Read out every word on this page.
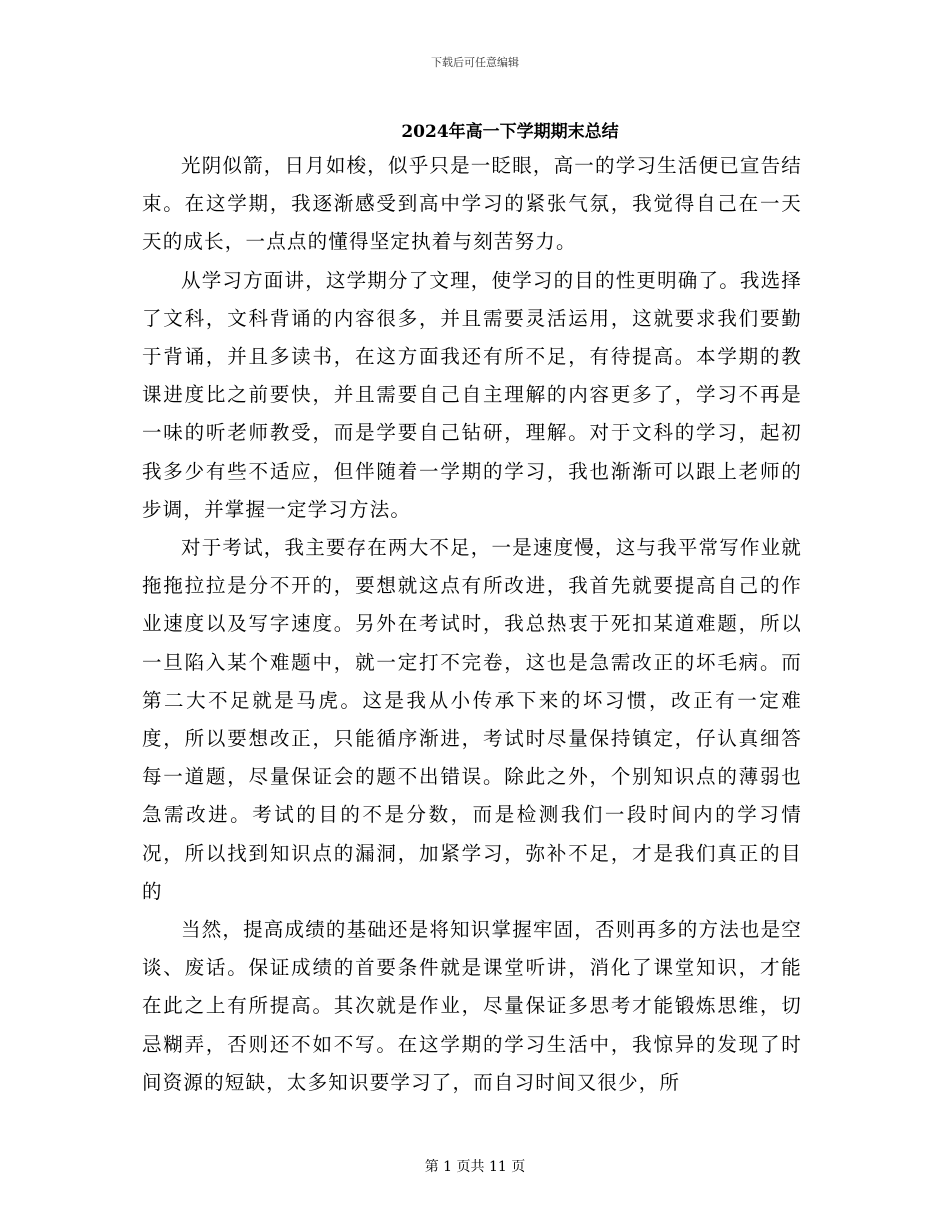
下载后可任意编辑
2024年高一下学期期末总结

光阴似箭，日月如梭，似乎只是一眨眼，高一的学习生活便已宣告结束。在这学期，我逐渐感受到高中学习的紧张气氛，我觉得自己在一天天的成长，一点点的懂得坚定执着与刻苦努力。

从学习方面讲，这学期分了文理，使学习的目的性更明确了。我选择了文科，文科背诵的内容很多，并且需要灵活运用，这就要求我们要勤于背诵，并且多读书，在这方面我还有所不足，有待提高。本学期的教课进度比之前要快，并且需要自己自主理解的内容更多了，学习不再是一味的听老师教受，而是学要自己钻研，理解。对于文科的学习，起初我多少有些不适应，但伴随着一学期的学习，我也渐渐可以跟上老师的步调，并掌握一定学习方法。

对于考试，我主要存在两大不足，一是速度慢，这与我平常写作业就拖拖拉拉是分不开的，要想就这点有所改进，我首先就要提高自己的作业速度以及写字速度。另外在考试时，我总热衷于死扣某道难题，所以一旦陷入某个难题中，就一定打不完卷，这也是急需改正的坏毛病。而第二大不足就是马虎。这是我从小传承下来的坏习惯，改正有一定难度，所以要想改正，只能循序渐进，考试时尽量保持镇定，仔认真细答每一道题，尽量保证会的题不出错误。除此之外，个别知识点的薄弱也急需改进。考试的目的不是分数，而是检测我们一段时间内的学习情况，所以找到知识点的漏洞，加紧学习，弥补不足，才是我们真正的目的

当然，提高成绩的基础还是将知识掌握牢固，否则再多的方法也是空谈、废话。保证成绩的首要条件就是课堂听讲，消化了课堂知识，才能在此之上有所提高。其次就是作业，尽量保证多思考才能锻炼思维，切忌糊弄，否则还不如不写。在这学期的学习生活中，我惊异的发现了时间资源的短缺，太多知识要学习了，而自习时间又很少，所

第 1 页共 11 页
